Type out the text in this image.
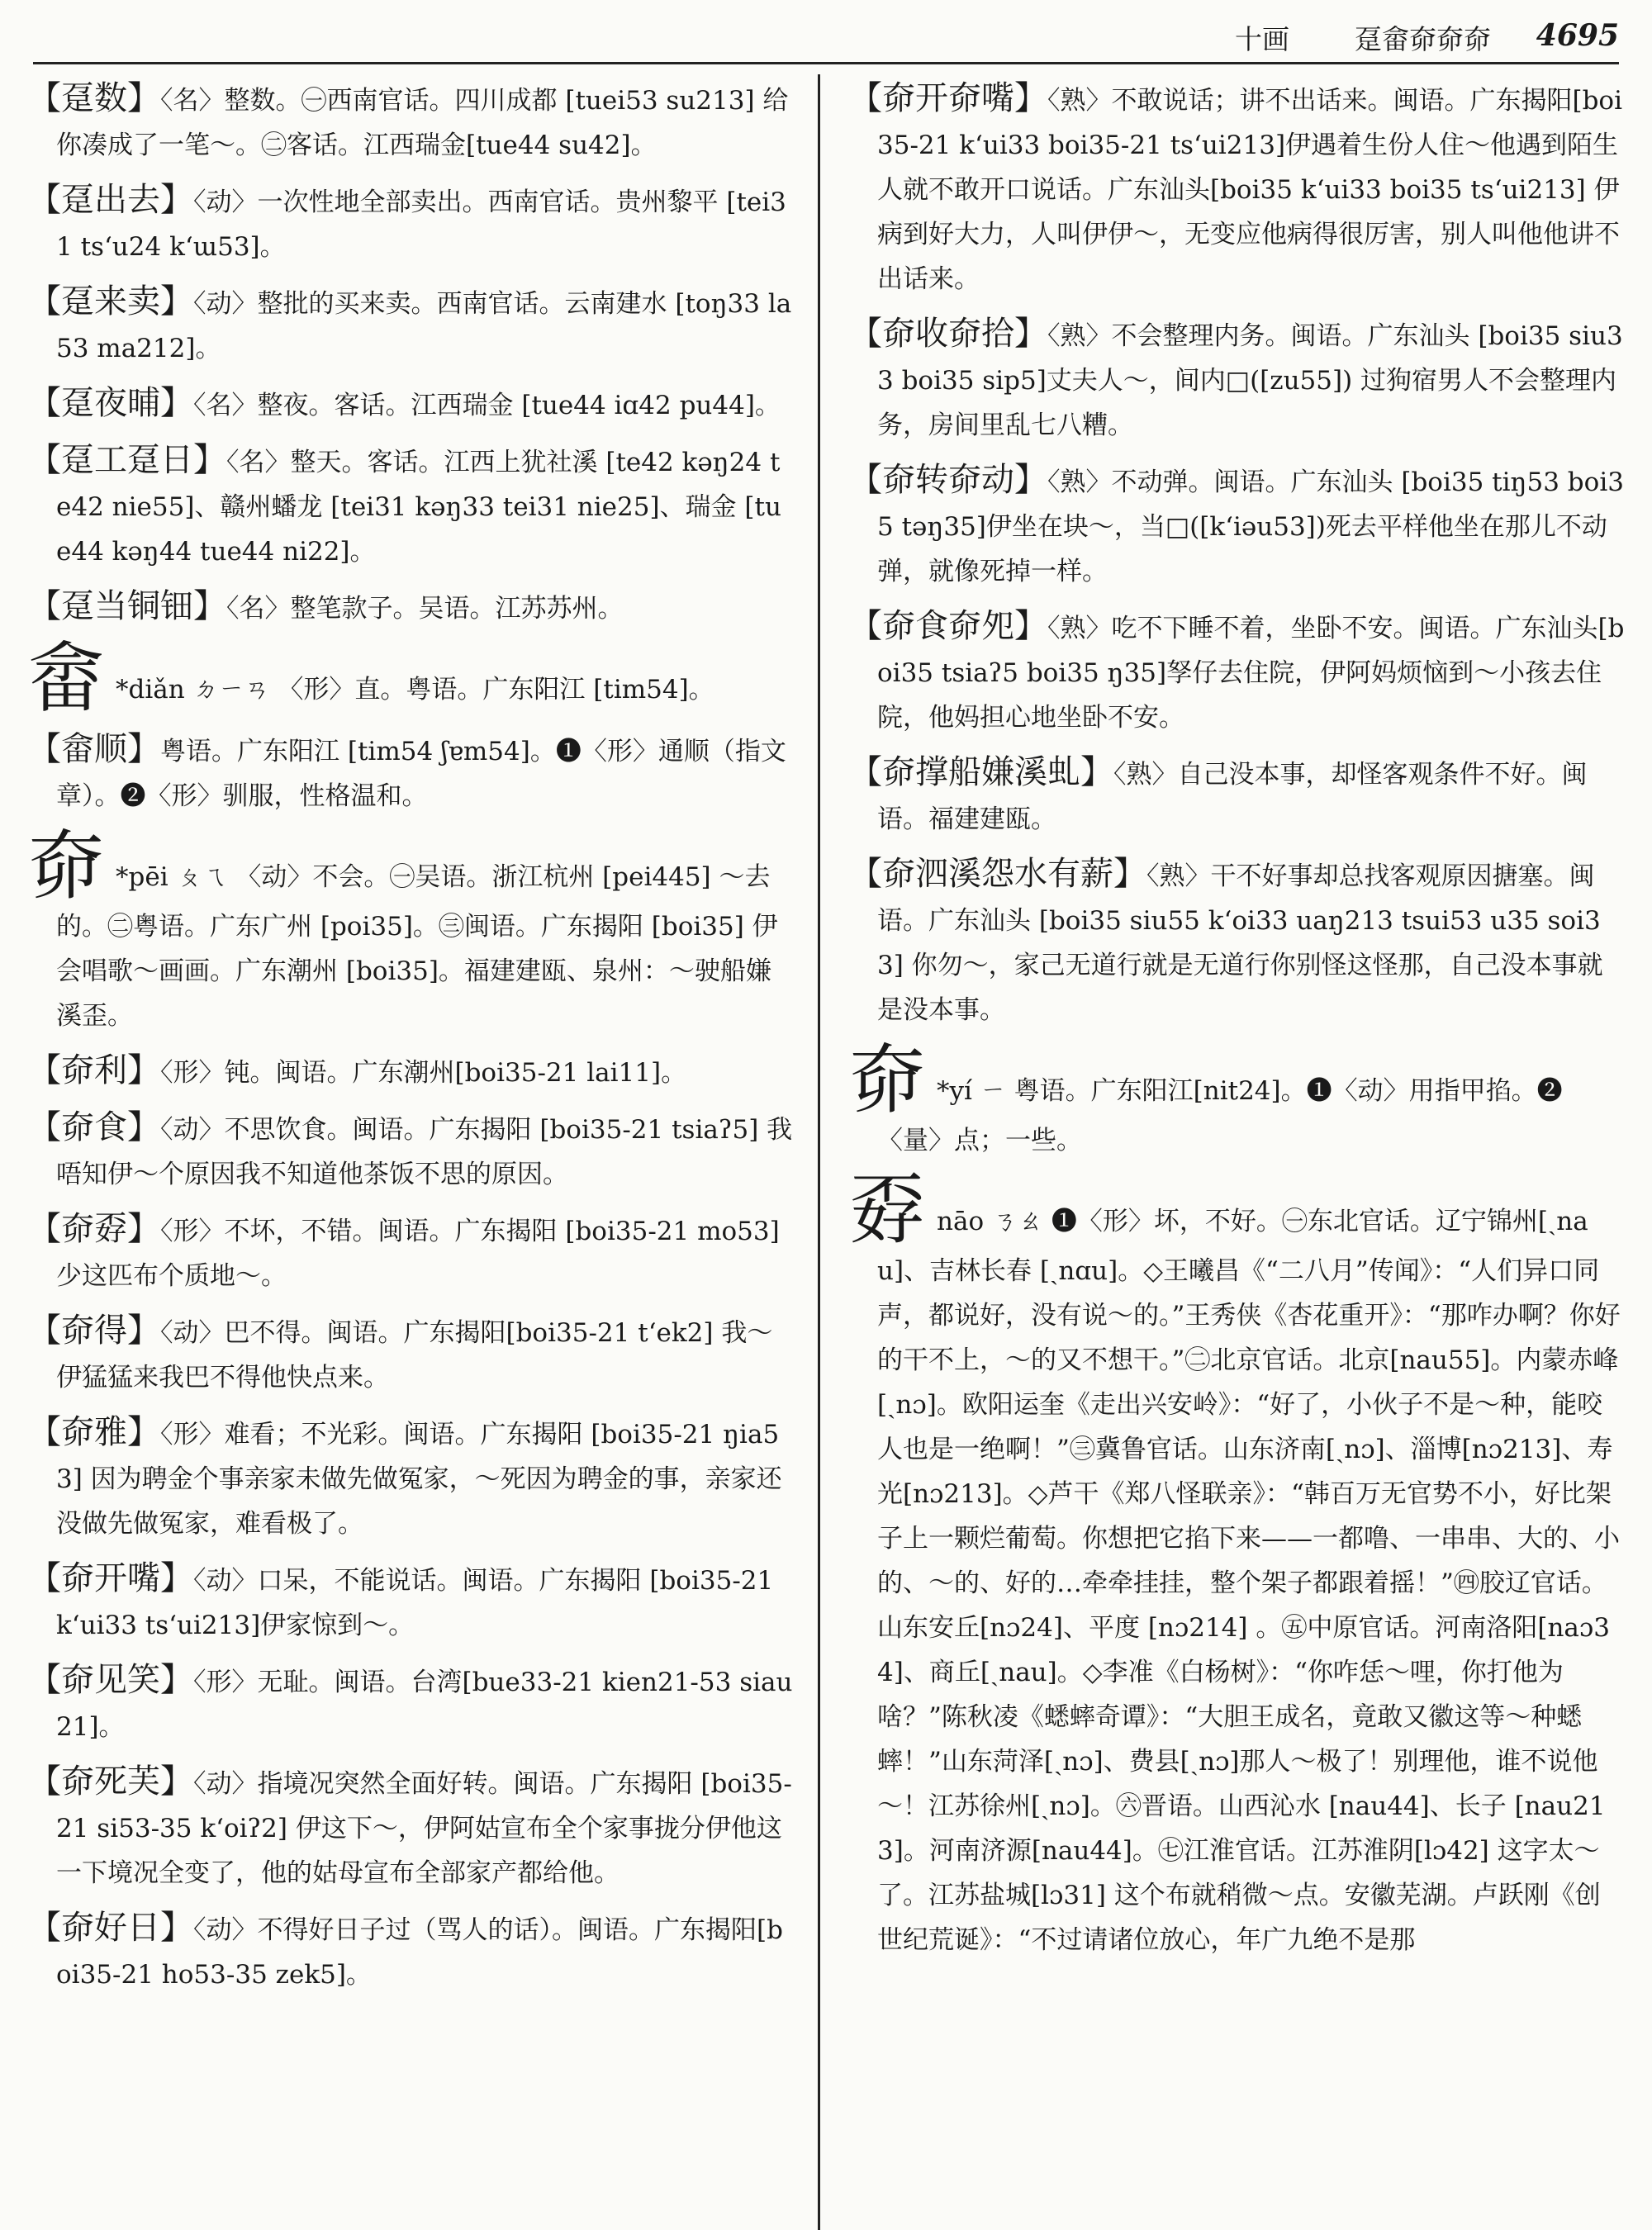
十画 趸畲奅奅奅 4695
【趸数】〈名〉整数。㊀西南官话。四川成都 [tuei53 su213] 给你凑成了一笔～。㊁客话。江西瑞金[tue44 su42]。
【趸出去】〈动〉一次性地全部卖出。西南官话。贵州黎平 [tei31 tsʻu24 kʻɯ53]。
【趸来卖】〈动〉整批的买来卖。西南官话。云南建水 [toŋ33 la53 ma212]。
【趸夜晡】〈名〉整夜。客话。江西瑞金 [tue44 iɑ42 pu44]。
【趸工趸日】〈名〉整天。客话。江西上犹社溪 [te42 kəŋ24 te42 nie55]、赣州蟠龙 [tei31 kəŋ33 tei31 nie25]、瑞金 [tue44 kəŋ44 tue44 ni22]。
【趸当铜钿】〈名〉整笔款子。吴语。江苏苏州。
畲 *diǎn ㄉㄧㄢ 〈形〉直。粤语。广东阳江 [tim54]。
【畲顺】粤语。广东阳江 [tim54 ʃɐm54]。❶〈形〉通顺（指文章）。❷〈形〉驯服，性格温和。
奅 *pēi ㄆㄟ 〈动〉不会。㊀吴语。浙江杭州 [pei445] ～去的。㊁粤语。广东广州 [poi35]。㊂闽语。广东揭阳 [boi35] 伊会唱歌～画画。广东潮州 [boi35]。福建建瓯、泉州：～驶船嫌溪歪。
【奅利】〈形〉钝。闽语。广东潮州[boi35-21 lai11]。
【奅食】〈动〉不思饮食。闽语。广东揭阳 [boi35-21 tsiaʔ5] 我唔知伊～个原因我不知道他茶饭不思的原因。
【奅孬】〈形〉不坏，不错。闽语。广东揭阳 [boi35-21 mo53]少这匹布个质地～。
【奅得】〈动〉巴不得。闽语。广东揭阳[boi35-21 tʻek2] 我～伊猛猛来我巴不得他快点来。
【奅雅】〈形〉难看；不光彩。闽语。广东揭阳 [boi35-21 ŋia53] 因为聘金个事亲家未做先做冤家，～死因为聘金的事，亲家还没做先做冤家，难看极了。
【奅开嘴】〈动〉口呆，不能说话。闽语。广东揭阳 [boi35-21 kʻui33 tsʻui213]伊家惊到～。
【奅见笑】〈形〉无耻。闽语。台湾[bue33-21 kien21-53 siau21]。
【奅死芙】〈动〉指境况突然全面好转。闽语。广东揭阳 [boi35-21 si53-35 kʻoiʔ2] 伊这下～，伊阿姑宣布全个家事拢分伊他这一下境况全变了，他的姑母宣布全部家产都给他。
【奅好日】〈动〉不得好日子过（骂人的话）。闽语。广东揭阳[boi35-21 ho53-35 zek5]。
【奅开奅嘴】〈熟〉不敢说话；讲不出话来。闽语。广东揭阳[boi35-21 kʻui33 boi35-21 tsʻui213]伊遇着生份人住～他遇到陌生人就不敢开口说话。广东汕头[boi35 kʻui33 boi35 tsʻui213] 伊病到好大力，人叫伊伊～，无变应他病得很厉害，别人叫他他讲不出话来。
【奅收奅拾】〈熟〉不会整理内务。闽语。广东汕头 [boi35 siu33 boi35 sip5]丈夫人～，间内□([zu55]) 过狗宿男人不会整理内务，房间里乱七八糟。
【奅转奅动】〈熟〉不动弹。闽语。广东汕头 [boi35 tiŋ53 boi35 təŋ35]伊坐在块～，当□([kʻiəu53])死去平样他坐在那儿不动弹，就像死掉一样。
【奅食奅夗】〈熟〉吃不下睡不着，坐卧不安。闽语。广东汕头[boi35 tsiaʔ5 boi35 ŋ35]孥仔去住院，伊阿妈烦恼到～小孩去住院，他妈担心地坐卧不安。
【奅撑船嫌溪虬】〈熟〉自己没本事，却怪客观条件不好。闽语。福建建瓯。
【奅泗溪怨水有薪】〈熟〉干不好事却总找客观原因搪塞。闽语。广东汕头 [boi35 siu55 kʻoi33 uaŋ213 tsui53 u35 soi33] 你勿～，家己无道行就是无道行你别怪这怪那，自己没本事就是没本事。
奅 *yí ㄧ 粤语。广东阳江[nit24]。❶〈动〉用指甲掐。❷〈量〉点；一些。
孬nāo ㄋㄠ ❶〈形〉坏，不好。㊀东北官话。辽宁锦州[ˏnau]、吉林长春 [ˏnɑu]。◇王曦昌《“二八月”传闻》：“人们异口同声，都说好，没有说～的。”王秀侠《杏花重开》：“那咋办啊？你好的干不上，～的又不想干。”㊁北京官话。北京[nau55]。内蒙赤峰[ˏnɔ]。欧阳运奎《走出兴安岭》：“好了，小伙子不是～种，能咬人也是一绝啊！”㊂冀鲁官话。山东济南[ˏnɔ]、淄博[nɔ213]、寿光[nɔ213]。◇芦干《郑八怪联亲》：“韩百万无官势不小，好比架子上一颗烂葡萄。你想把它掐下来——一都噜、一串串、大的、小的、～的、好的…牵牵挂挂，整个架子都跟着摇！”㊃胶辽官话。山东安丘[nɔ24]、平度 [nɔ214] 。㊄中原官话。河南洛阳[naɔ34]、商丘[ˏnau]。◇李准《白杨树》：“你咋恁～哩，你打他为啥？”陈秋凌《蟋蟀奇谭》：“大胆王成名，竟敢又徽这等～种蟋蟀！”山东菏泽[ˏnɔ]、费县[ˏnɔ]那人～极了！别理他，谁不说他～！江苏徐州[ˏnɔ]。㊅晋语。山西沁水 [nau44]、长子 [nau213]。河南济源[nau44]。㊆江淮官话。江苏淮阴[lɔ42] 这字太～了。江苏盐城[lɔ31] 这个布就稍微～点。安徽芜湖。卢跃刚《创世纪荒诞》：“不过请诸位放心，年广九绝不是那
